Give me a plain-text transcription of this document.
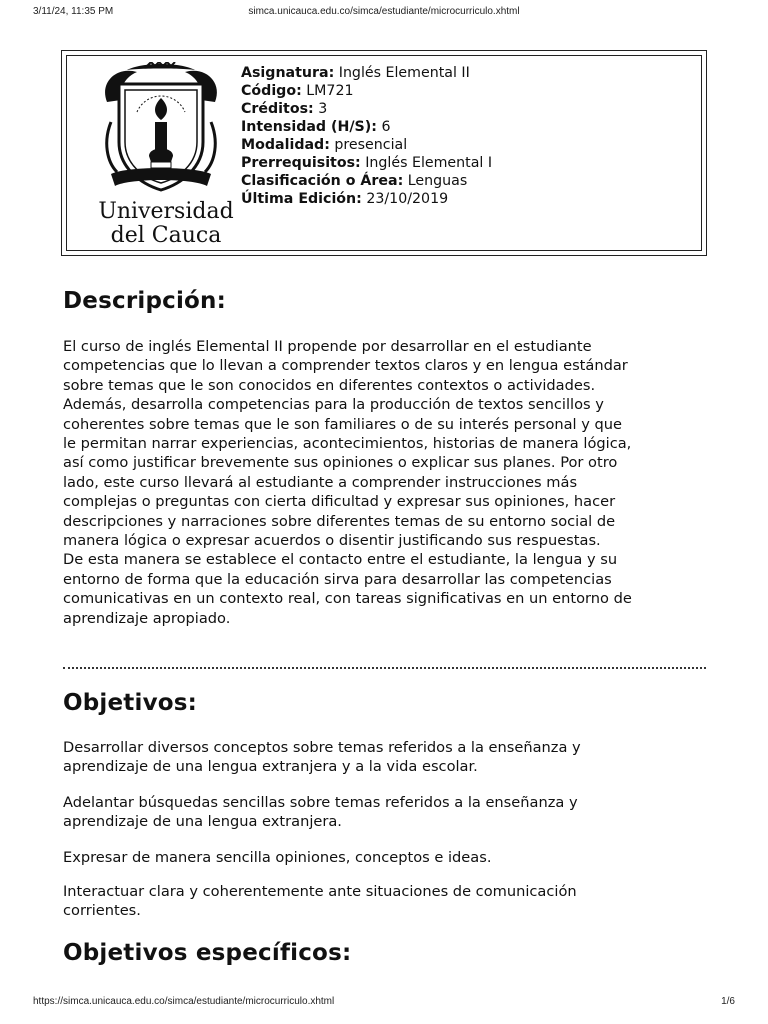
3/11/24, 11:35 PM	simca.unicauca.edu.co/simca/estudiante/microcurriculo.xhtml
Universidad
del Cauca
Asignatura: Inglés Elemental II
Código: LM721
Créditos: 3
Intensidad (H/S): 6
Modalidad: presencial
Prerrequisitos: Inglés Elemental I
Clasificación o Área: Lenguas
Última Edición: 23/10/2019
Descripción:

El curso de inglés Elemental II propende por desarrollar en el estudiante

competencias que lo llevan a comprender textos claros y en lengua estándar

sobre temas que le son conocidos en diferentes contextos o actividades.

Además, desarrolla competencias para la producción de textos sencillos y

coherentes sobre temas que le son familiares o de su interés personal y que

le permitan narrar experiencias, acontecimientos, historias de manera lógica,

así como justificar brevemente sus opiniones o explicar sus planes. Por otro

lado, este curso llevará al estudiante a comprender instrucciones más

complejas o preguntas con cierta dificultad y expresar sus opiniones, hacer

descripciones y narraciones sobre diferentes temas de su entorno social de

manera lógica o expresar acuerdos o disentir justificando sus respuestas.

De esta manera se establece el contacto entre el estudiante, la lengua y su

entorno de forma que la educación sirva para desarrollar las competencias

comunicativas en un contexto real, con tareas significativas en un entorno de

aprendizaje apropiado.

Objetivos:

Desarrollar diversos conceptos sobre temas referidos a la enseñanza y

aprendizaje de una lengua extranjera y a la vida escolar.

Adelantar búsquedas sencillas sobre temas referidos a la enseñanza y

aprendizaje de una lengua extranjera.

Expresar de manera sencilla opiniones, conceptos e ideas.

Interactuar clara y coherentemente ante situaciones de comunicación

corrientes.

Objetivos específicos:
https://simca.unicauca.edu.co/simca/estudiante/microcurriculo.xhtml	1/6
